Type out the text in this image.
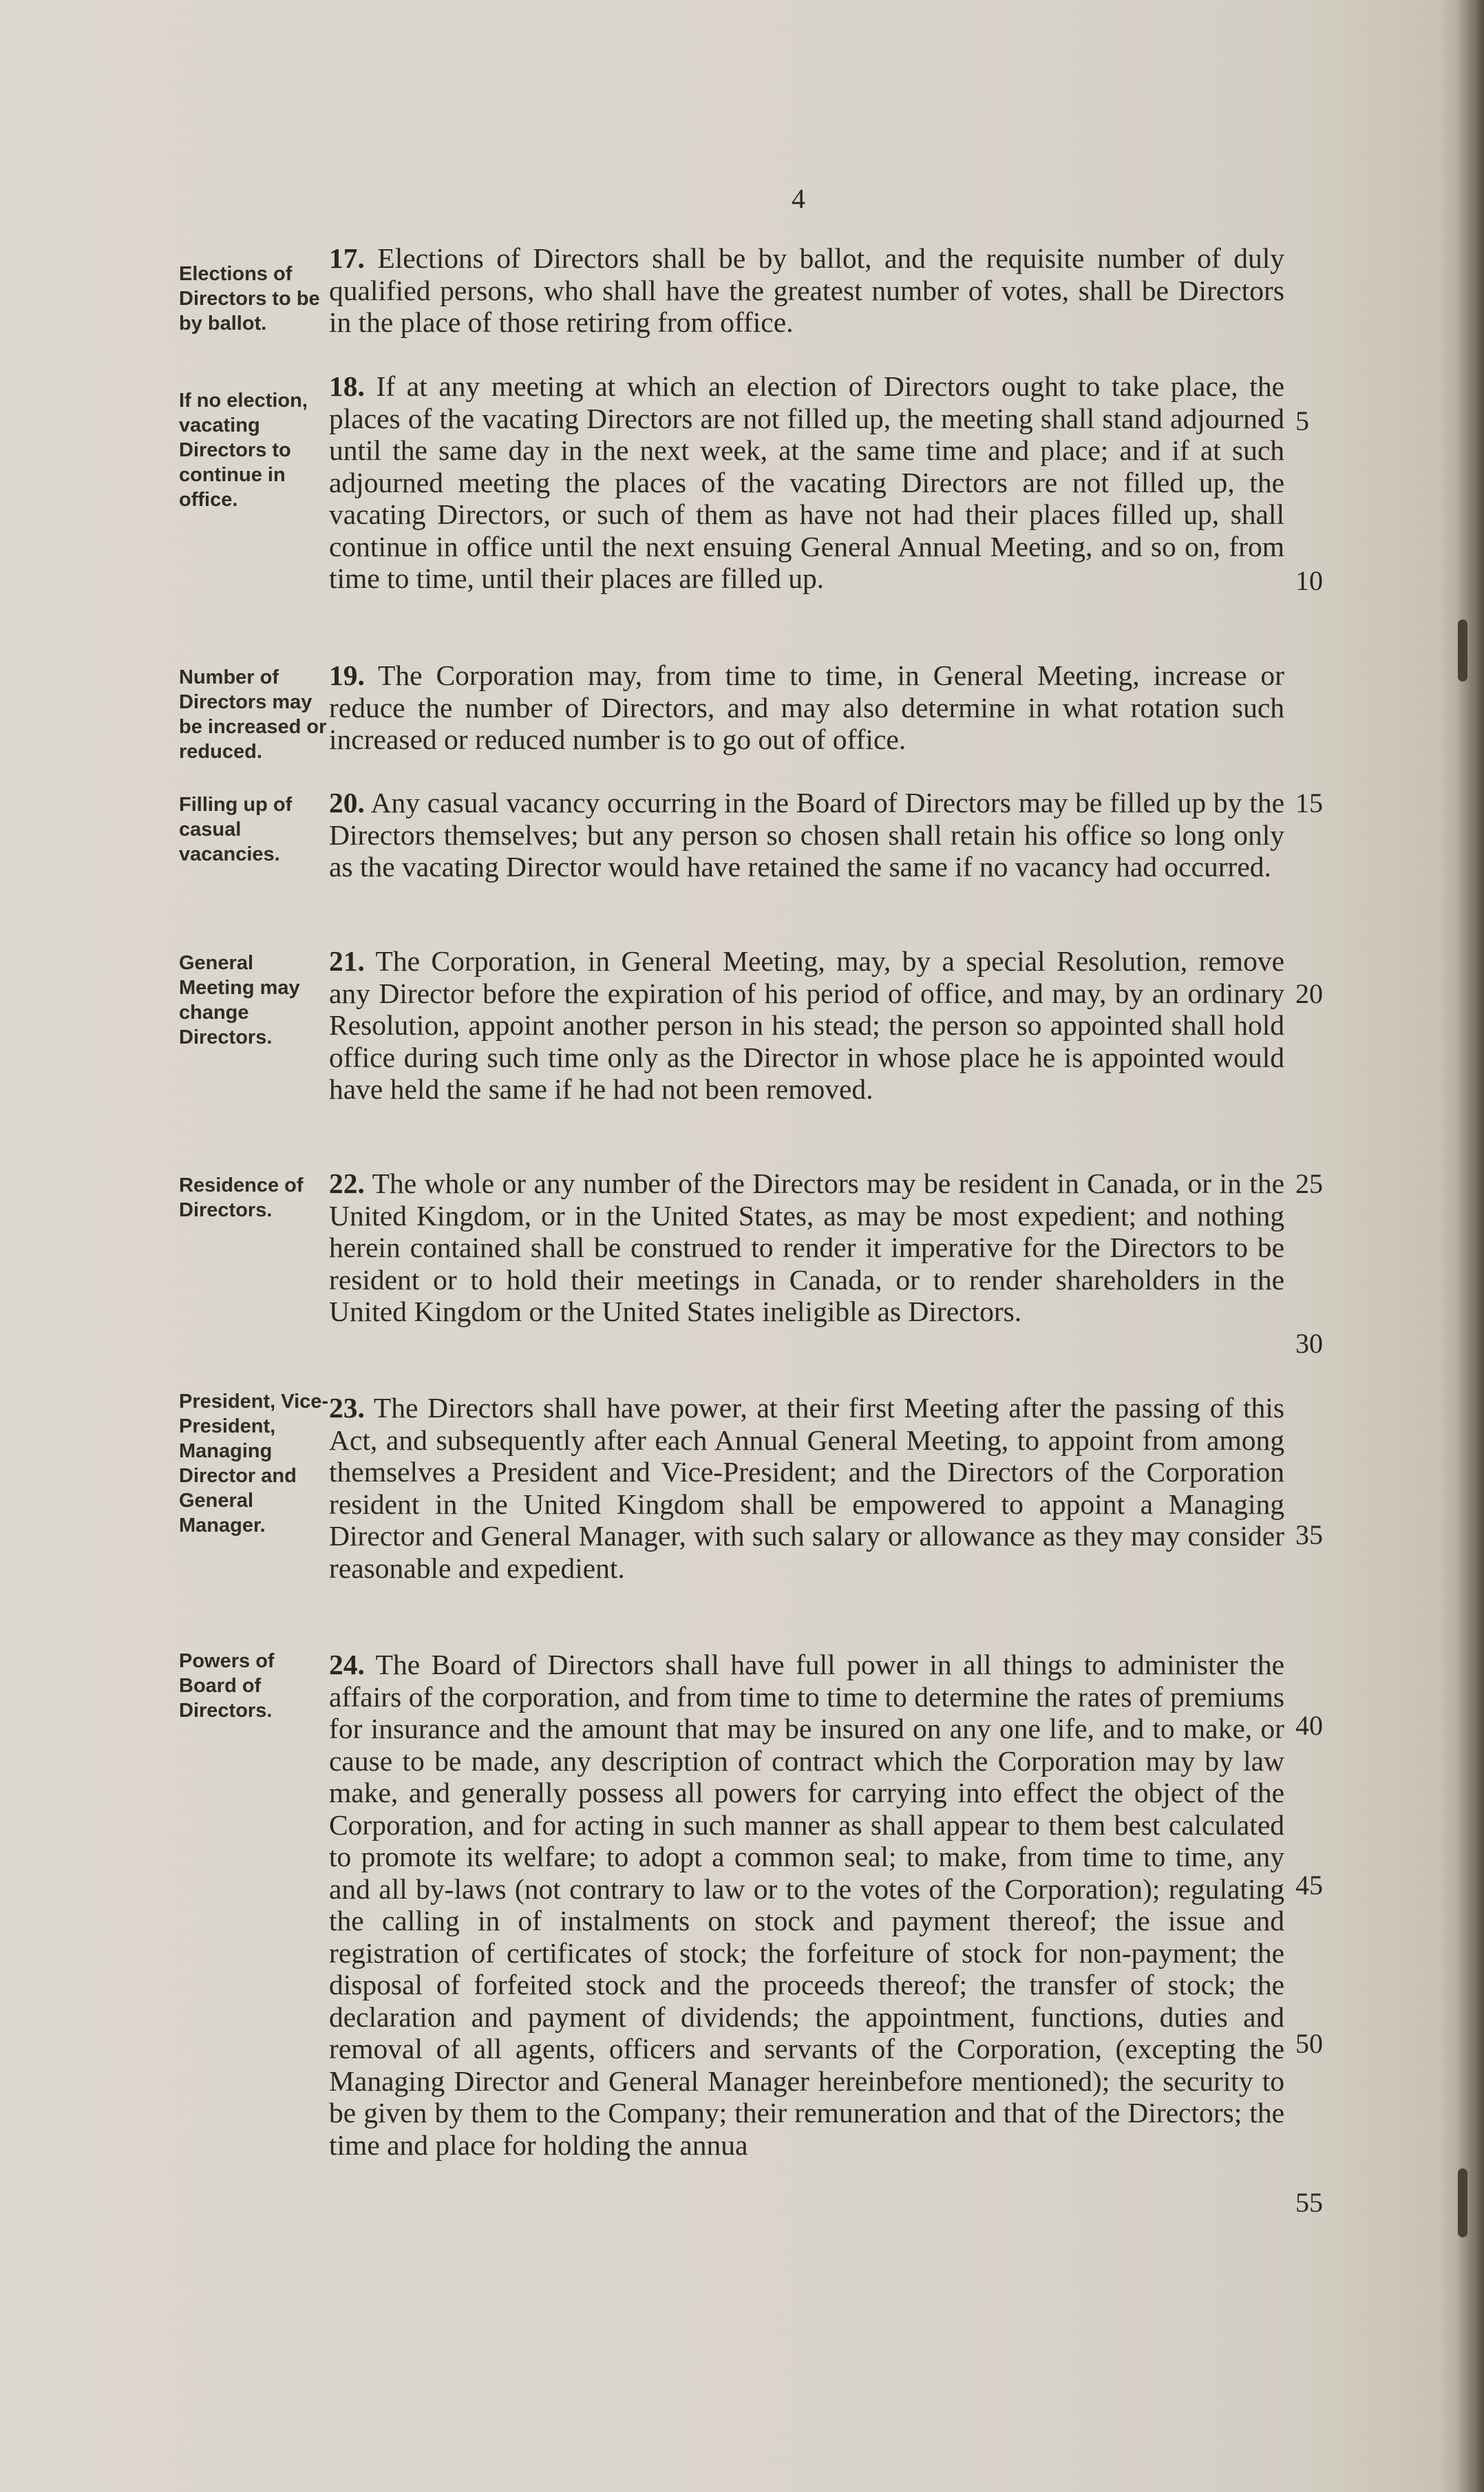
4
Elections of Directors to be by ballot.
17. Elections of Directors shall be by ballot, and the requisite number of duly qualified persons, who shall have the greatest number of votes, shall be Directors in the place of those retiring from office.
If no election, vacating Directors to continue in office.
18. If at any meeting at which an election of Directors ought to take place, the places of the vacating Directors are not filled up, the meeting shall stand adjourned until the same day in the next week, at the same time and place; and if at such adjourned meeting the places of the vacating Directors are not filled up, the vacating Directors, or such of them as have not had their places filled up, shall continue in office until the next ensuing General Annual Meeting, and so on, from time to time, until their places are filled up.
Number of Directors may be increased or reduced.
19. The Corporation may, from time to time, in General Meeting, increase or reduce the number of Directors, and may also determine in what rotation such increased or reduced number is to go out of office.
Filling up of casual vacancies.
20. Any casual vacancy occurring in the Board of Directors may be filled up by the Directors themselves; but any person so chosen shall retain his office so long only as the vacating Director would have retained the same if no vacancy had occurred.
General Meeting may change Directors.
21. The Corporation, in General Meeting, may, by a special Resolution, remove any Director before the expiration of his period of office, and may, by an ordinary Resolution, appoint another person in his stead; the person so appointed shall hold office during such time only as the Director in whose place he is appointed would have held the same if he had not been removed.
Residence of Directors.
22. The whole or any number of the Directors may be resident in Canada, or in the United Kingdom, or in the United States, as may be most expedient; and nothing herein contained shall be construed to render it imperative for the Directors to be resident or to hold their meetings in Canada, or to render shareholders in the United Kingdom or the United States ineligible as Directors.
President, Vice-President, Managing Director and General Manager.
23. The Directors shall have power, at their first Meeting after the passing of this Act, and subsequently after each Annual General Meeting, to appoint from among themselves a President and Vice-President; and the Directors of the Corporation resident in the United Kingdom shall be empowered to appoint a Managing Director and General Manager, with such salary or allowance as they may consider reasonable and expedient.
Powers of Board of Directors.
24. The Board of Directors shall have full power in all things to administer the affairs of the corporation, and from time to time to determine the rates of premiums for insurance and the amount that may be insured on any one life, and to make, or cause to be made, any description of contract which the Corporation may by law make, and generally possess all powers for carrying into effect the object of the Corporation, and for acting in such manner as shall appear to them best calculated to promote its welfare; to adopt a common seal; to make, from time to time, any and all by-laws (not contrary to law or to the votes of the Corporation); regulating the calling in of instalments on stock and payment thereof; the issue and registration of certificates of stock; the forfeiture of stock for non-payment; the disposal of forfeited stock and the proceeds thereof; the transfer of stock; the declaration and payment of dividends; the appointment, functions, duties and removal of all agents, officers and servants of the Corporation, (excepting the Managing Director and General Manager hereinbefore mentioned); the security to be given by them to the Company; their remuneration and that of the Directors; the time and place for holding the annua
5
10
15
20
25
30
35
40
45
50
55
